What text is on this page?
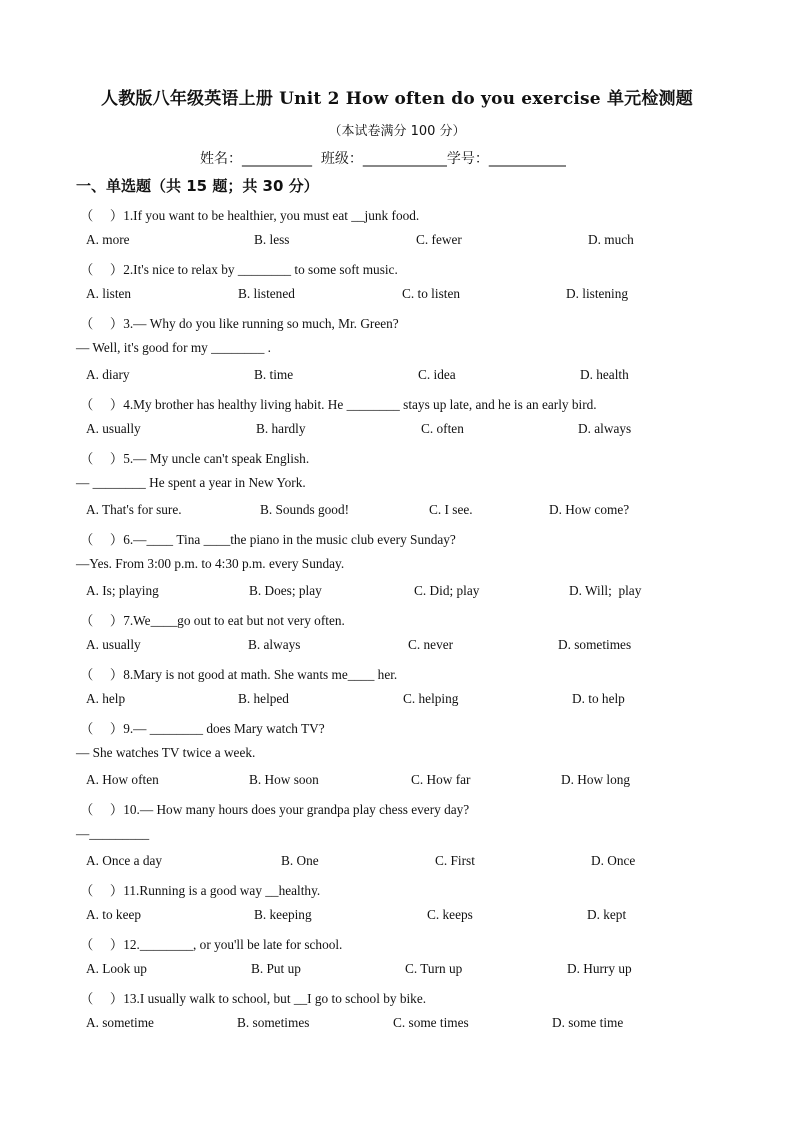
人教版八年级英语上册 Unit 2 How often do you exercise 单元检测题
（本试卷满分 100 分）
姓名：__________  班级：____________学号：___________
一、单选题（共 15 题；共 30 分）
（     ）1.If you want to be healthier, you must eat __junk food.
A. more	B. less	C. fewer	D. much
（     ）2.It's nice to relax by ________ to some soft music.
A. listen	B. listened	C. to listen	D. listening
（     ）3.— Why do you like running so much, Mr. Green?
— Well, it's good for my ________ .
A. diary	B. time	C. idea	D. health
（     ）4.My brother has healthy living habit. He ________ stays up late, and he is an early bird.
A. usually	B. hardly	C. often	D. always
（     ）5.— My uncle can't speak English.
— ________ He spent a year in New York.
A. That's for sure.	B. Sounds good!	C. I see.	D. How come?
（     ）6.—____ Tina ____the piano in the music club every Sunday?
—Yes. From 3:00 p.m. to 4:30 p.m. every Sunday.
A. Is; playing	B. Does; play	C. Did; play	D. Will;  play
（     ）7.We____go out to eat but not very often.
A. usually	B. always	C. never	D. sometimes
（     ）8.Mary is not good at math. She wants me____ her.
A. help	B. helped	C. helping	D. to help
（     ）9.— ________ does Mary watch TV?
— She watches TV twice a week.
A. How often	B. How soon	C. How far	D. How long
（     ）10.— How many hours does your grandpa play chess every day?
—_________
A. Once a day	B. One	C. First	D. Once
（     ）11.Running is a good way __healthy.
A. to keep	B. keeping	C. keeps	D. kept
（     ）12.________, or you'll be late for school.
A. Look up	B. Put up	C. Turn up	D. Hurry up
（     ）13.I usually walk to school, but __I go to school by bike.
A. sometime	B. sometimes	C. some times	D. some time
